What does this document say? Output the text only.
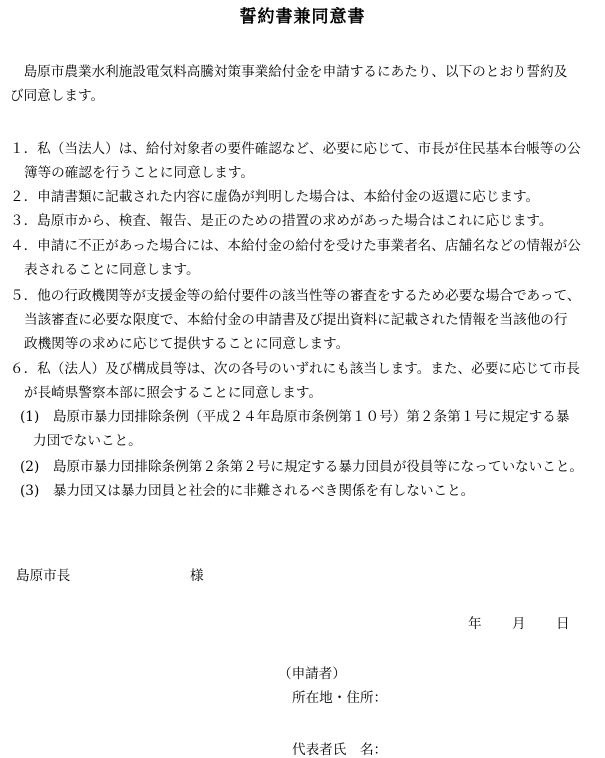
誓約書兼同意書
　島原市農業水利施設電気料高騰対策事業給付金を申請するにあたり、以下のとおり誓約及
び同意します。
１．私（当法人）は、給付対象者の要件確認など、必要に応じて、市長が住民基本台帳等の公
簿等の確認を行うことに同意します。
２．申請書類に記載された内容に虚偽が判明した場合は、本給付金の返還に応じます。
３．島原市から、検査、報告、是正のための措置の求めがあった場合はこれに応じます。
４．申請に不正があった場合には、本給付金の給付を受けた事業者名、店舗名などの情報が公
表されることに同意します。
５．他の行政機関等が支援金等の給付要件の該当性等の審査をするため必要な場合であって、
当該審査に必要な限度で、本給付金の申請書及び提出資料に記載された情報を当該他の行
政機関等の求めに応じて提供することに同意します。
６．私（法人）及び構成員等は、次の各号のいずれにも該当します。また、必要に応じて市長
が長崎県警察本部に照会することに同意します。
(1)　島原市暴力団排除条例（平成２４年島原市条例第１０号）第２条第１号に規定する暴
力団でないこと。
(2)　島原市暴力団排除条例第２条第２号に規定する暴力団員が役員等になっていないこと。
(3)　暴力団又は暴力団員と社会的に非難されるべき関係を有しないこと。
島原市長	様
年 月 日
（申請者）
所在地・住所：
代表者氏　名：
